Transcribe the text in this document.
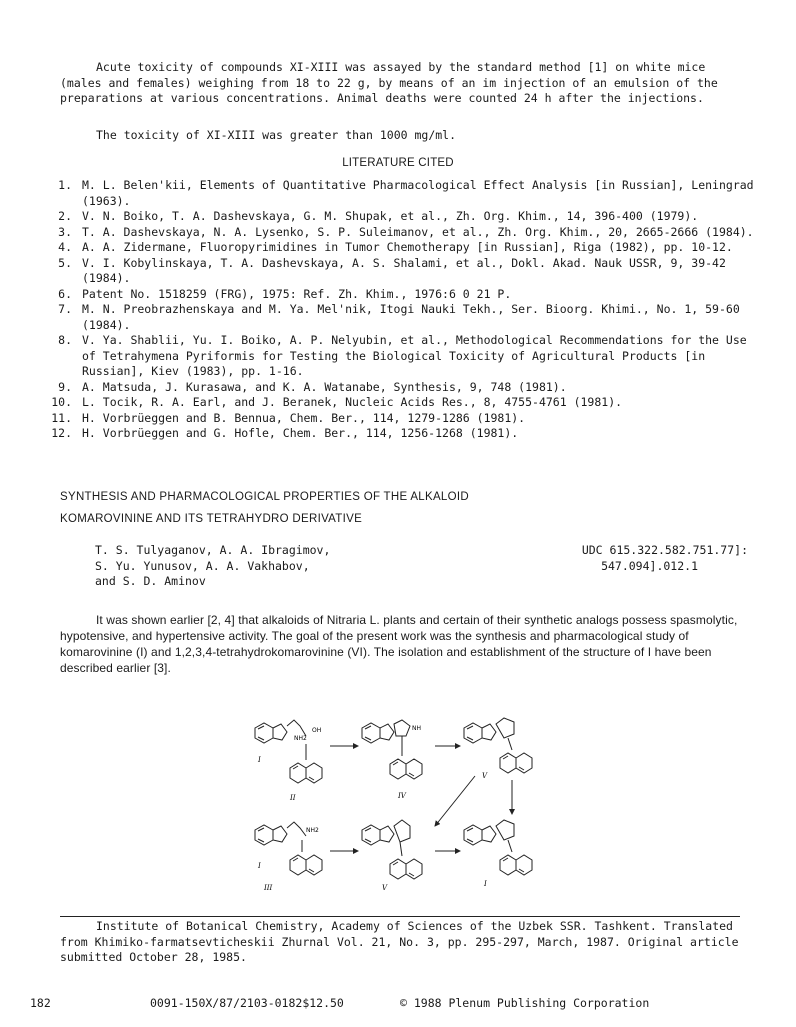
Acute toxicity of compounds XI-XIII was assayed by the standard method [1] on white mice (males and females) weighing from 18 to 22 g, by means of an im injection of an emulsion of the preparations at various concentrations. Animal deaths were counted 24 h after the injections.

The toxicity of XI-XIII was greater than 1000 mg/ml.

LITERATURE CITED
1. M. L. Belen'kii, Elements of Quantitative Pharmacological Effect Analysis [in Russian], Leningrad (1963).
2. V. N. Boiko, T. A. Dashevskaya, G. M. Shupak, et al., Zh. Org. Khim., 14, 396-400 (1979).
3. T. A. Dashevskaya, N. A. Lysenko, S. P. Suleimanov, et al., Zh. Org. Khim., 20, 2665-2666 (1984).
4. A. A. Zidermane, Fluoropyrimidines in Tumor Chemotherapy [in Russian], Riga (1982), pp. 10-12.
5. V. I. Kobylinskaya, T. A. Dashevskaya, A. S. Shalami, et al., Dokl. Akad. Nauk USSR, 9, 39-42 (1984).
6. Patent No. 1518259 (FRG), 1975: Ref. Zh. Khim., 1976:6 0 21 P.
7. M. N. Preobrazhenskaya and M. Ya. Mel'nik, Itogi Nauki Tekh., Ser. Bioorg. Khimi., No. 1, 59-60 (1984).
8. V. Ya. Shablii, Yu. I. Boiko, A. P. Nelyubin, et al., Methodological Recommendations for the Use of Tetrahymena Pyriformis for Testing the Biological Toxicity of Agricultural Products [in Russian], Kiev (1983), pp. 1-16.
9. A. Matsuda, J. Kurasawa, and K. A. Watanabe, Synthesis, 9, 748 (1981).
10. L. Tocik, R. A. Earl, and J. Beranek, Nucleic Acids Res., 8, 4755-4761 (1981).
11. H. Vorbrüeggen and B. Bennua, Chem. Ber., 114, 1279-1286 (1981).
12. H. Vorbrüeggen and G. Hofle, Chem. Ber., 114, 1256-1268 (1981).
SYNTHESIS AND PHARMACOLOGICAL PROPERTIES OF THE ALKALOID
KOMAROVININE AND ITS TETRAHYDRO DERIVATIVE
T. S. Tulyaganov, A. A. Ibragimov,
S. Yu. Yunusov, A. A. Vakhabov,
and S. D. Aminov
UDC 615.322.582.751.77]:
547.094].012.1

It was shown earlier [2, 4] that alkaloids of Nitraria L. plants and certain of their synthetic analogs possess spasmolytic, hypotensive, and hypertensive activity. The goal of the present work was the synthesis and pharmacological study of komarovinine (I) and 1,2,3,4-tetrahydrokomarovinine (VI). The isolation and establishment of the structure of I have been described earlier [3].

NH2
OH
I
II
NH
IV
V
NH2
I
III	V	I

Institute of Botanical Chemistry, Academy of Sciences of the Uzbek SSR. Tashkent. Translated from Khimiko-farmatsevticheskii Zhurnal Vol. 21, No. 3, pp. 295-297, March, 1987. Original article submitted October 28, 1985.

182	0091-150X/87/2103-0182$12.50	© 1988 Plenum Publishing Corporation
